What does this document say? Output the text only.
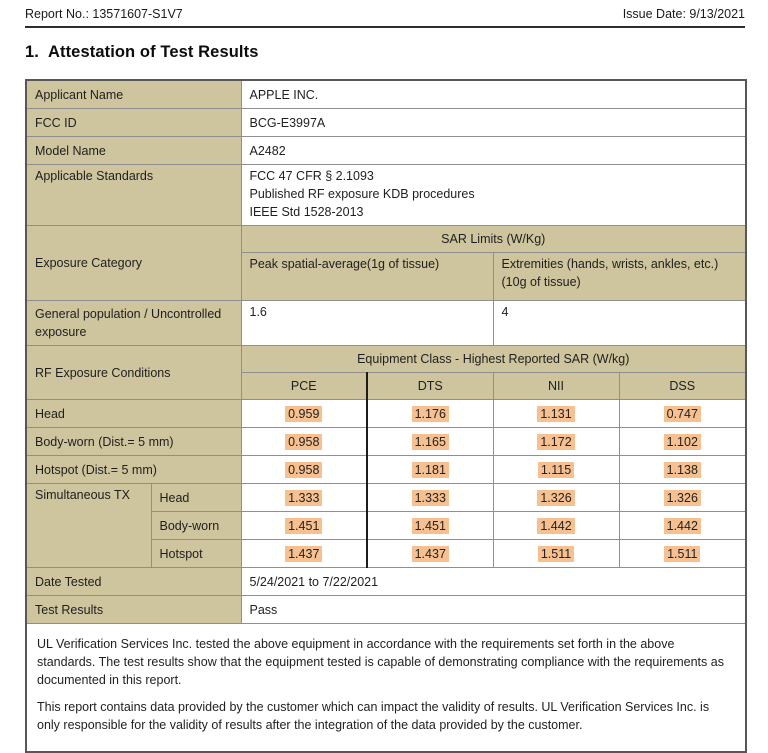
Report No.: 13571607-S1V7	Issue Date: 9/13/2021
1. Attestation of Test Results
Applicant Name		APPLE INC.			
FCC ID		BCG-E3997A			
Model Name		A2482			
Applicable Standards		FCC 47 CFR § 2.1093
Published RF exposure KDB procedures
IEEE Std 1528-2013			

Exposure Category		SAR Limits (W/Kg)			
		Peak spatial-average(1g of tissue)		Extremities (hands, wrists, ankles, etc.) (10g of tissue)	
General population / Uncontrolled exposure		1.6		4	
RF Exposure Conditions		Equipment Class - Highest Reported SAR (W/kg)			
		PCE	DTS	NII	DSS
Head		0.959	1.176	1.131	0.747
Body-worn (Dist.= 5 mm)		0.958	1.165	1.172	1.102
Hotspot (Dist.= 5 mm)		0.958	1.181	1.115	1.138
Simultaneous TX	Head	1.333	1.333	1.326	1.326
	Body-worn	1.451	1.451	1.442	1.442
	Hotspot	1.437	1.437	1.511	1.511
Date Tested		5/24/2021 to 7/22/2021			
Test Results		Pass			

UL Verification Services Inc. tested the above equipment in accordance with the requirements set forth in the above standards. The test results show that the equipment tested is capable of demonstrating compliance with the requirements as documented in this report.

This report contains data provided by the customer which can impact the validity of results. UL Verification Services Inc. is only responsible for the validity of results after the integration of the data provided by the customer.					
